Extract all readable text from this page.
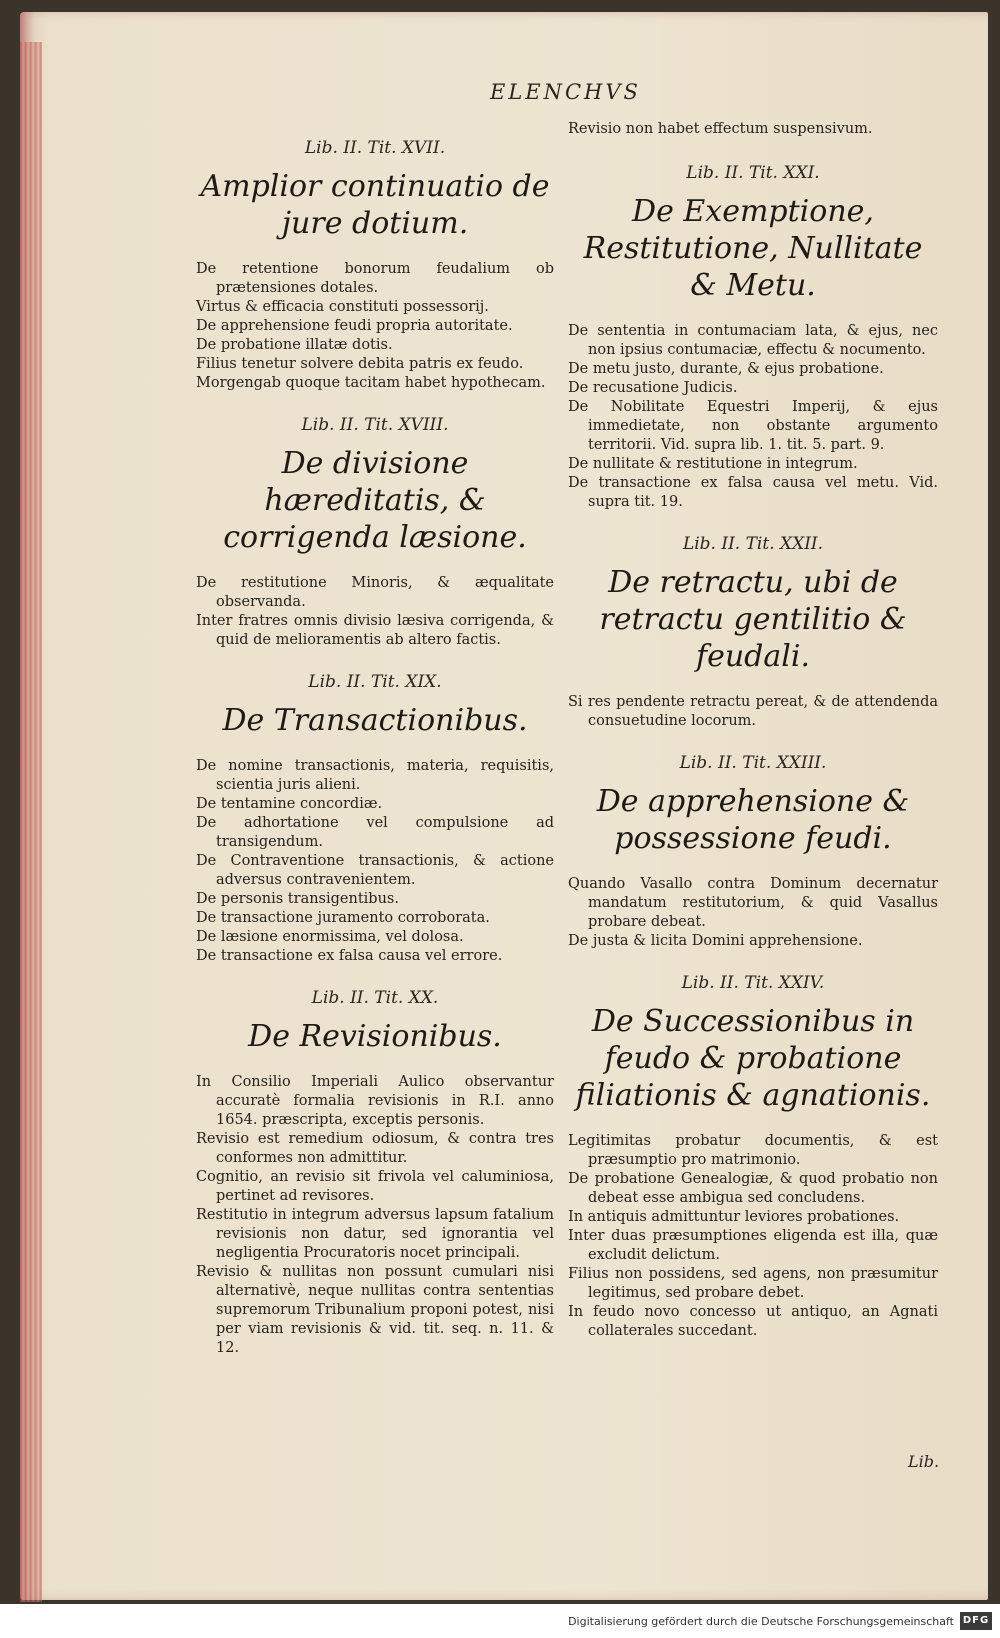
ELENCHVS
Lib. II. Tit. XVII.
Amplior continuatio de jure dotium.

De retentione bonorum feudalium ob prætensiones dotales.

Virtus & efficacia constituti possessorij.

De apprehensione feudi propria autoritate.

De probatione illatæ dotis.

Filius tenetur solvere debita patris ex feudo.

Morgengab quoque tacitam habet hypothecam.

Lib. II. Tit. XVIII.
De divisione hæreditatis, & corrigenda læsione.

De restitutione Minoris, & æqualitate observanda.

Inter fratres omnis divisio læsiva corrigenda, & quid de melioramentis ab altero factis.

Lib. II. Tit. XIX.
De Transactionibus.

De nomine transactionis, materia, requisitis, scientia juris alieni.

De tentamine concordiæ.

De adhortatione vel compulsione ad transigendum.

De Contraventione transactionis, & actione adversus contravenientem.

De personis transigentibus.

De transactione juramento corroborata.

De læsione enormissima, vel dolosa.

De transactione ex falsa causa vel errore.

Lib. II. Tit. XX.
De Revisionibus.

In Consilio Imperiali Aulico observantur accuratè formalia revisionis in R.I. anno 1654. præscripta, exceptis personis.

Revisio est remedium odiosum, & contra tres conformes non admittitur.

Cognitio, an revisio sit frivola vel caluminiosa, pertinet ad revisores.

Restitutio in integrum adversus lapsum fatalium revisionis non datur, sed ignorantia vel negligentia Procuratoris nocet principali.

Revisio & nullitas non possunt cumulari nisi alternativè, neque nullitas contra sententias supremorum Tribunalium proponi potest, nisi per viam revisionis & vid. tit. seq. n. 11. & 12.

Revisio non habet effectum suspensivum.

Lib. II. Tit. XXI.
De Exemptione, Restitutione, Nullitate & Metu.

De sententia in contumaciam lata, & ejus, nec non ipsius contumaciæ, effectu & nocumento.

De metu justo, durante, & ejus probatione.

De recusatione Judicis.

De Nobilitate Equestri Imperij, & ejus immedietate, non obstante argumento territorii. Vid. supra lib. 1. tit. 5. part. 9.

De nullitate & restitutione in integrum.

De transactione ex falsa causa vel metu. Vid. supra tit. 19.

Lib. II. Tit. XXII.
De retractu, ubi de retractu gentilitio & feudali.

Si res pendente retractu pereat, & de attendenda consuetudine locorum.

Lib. II. Tit. XXIII.
De apprehensione & possessione feudi.

Quando Vasallo contra Dominum decernatur mandatum restitutorium, & quid Vasallus probare debeat.

De justa & licita Domini apprehensione.

Lib. II. Tit. XXIV.
De Successionibus in feudo & probatione filiationis & agnationis.

Legitimitas probatur documentis, & est præsumptio pro matrimonio.

De probatione Genealogiæ, & quod probatio non debeat esse ambigua sed concludens.

In antiquis admittuntur leviores probationes.

Inter duas præsumptiones eligenda est illa, quæ excludit delictum.

Filius non possidens, sed agens, non præsumitur legitimus, sed probare debet.

In feudo novo concesso ut antiquo, an Agnati collaterales succedant.

Lib.
Digitalisierung gefördert durch die Deutsche Forschungsgemeinschaft DFG
